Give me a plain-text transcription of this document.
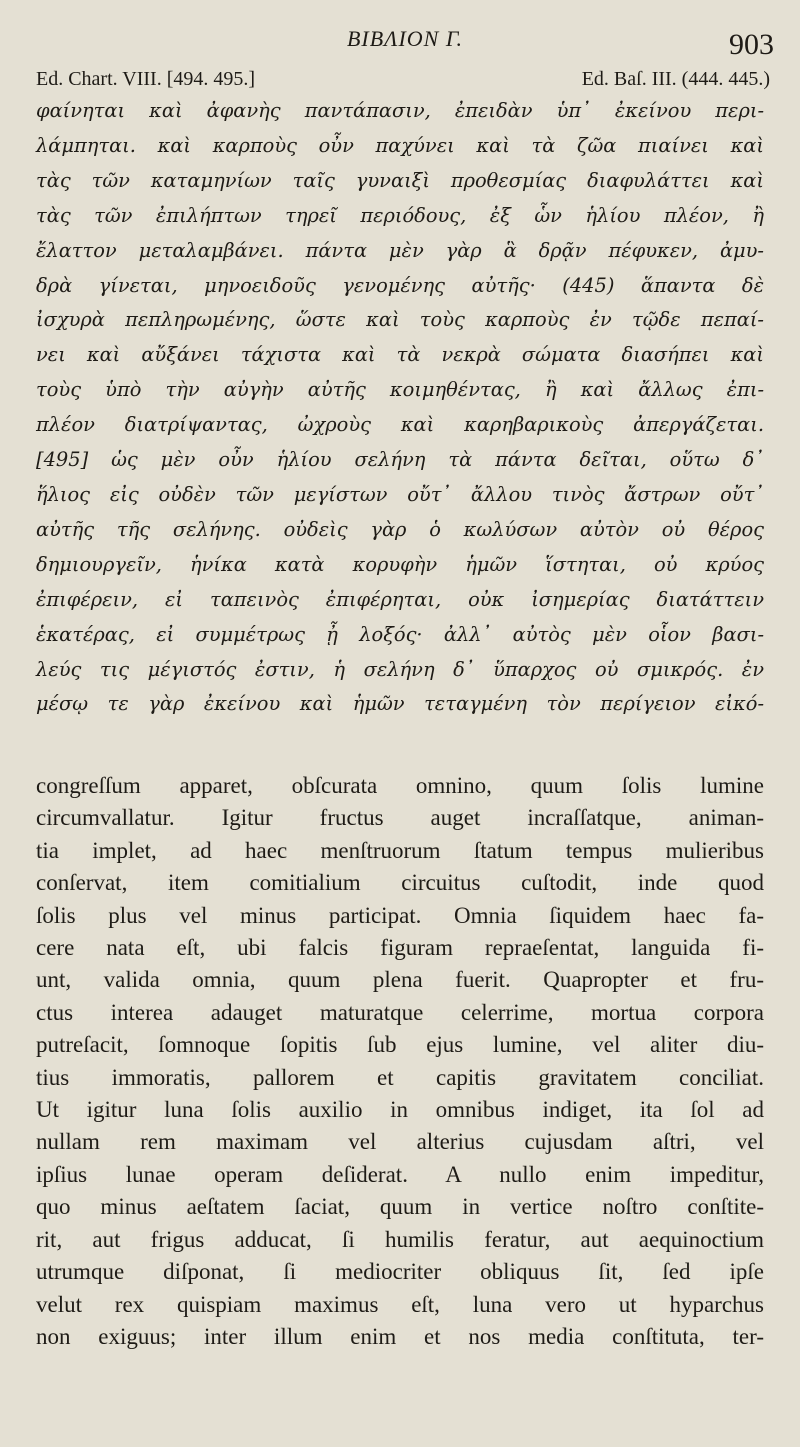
BIBΛΙΟΝ Γ.	903
Ed. Chart. VIII. [494. 495.]	Ed. Baſ. III. (444. 445.)
φαίνηται καὶ ἀφανὴς παντάπασιν, ἐπειδὰν ὑπ᾽ ἐκείνου περι-
λάμπηται. καὶ καρποὺς οὖν παχύνει καὶ τὰ ζῶα πιαίνει καὶ
τὰς τῶν καταμηνίων ταῖς γυναιξὶ προθεσμίας διαφυλάττει καὶ
τὰς τῶν ἐπιλήπτων τηρεῖ περιόδους, ἐξ ὧν ἡλίου πλέον, ἢ
ἔλαττον μεταλαμβάνει. πάντα μὲν γὰρ ἃ δρᾷν πέφυκεν, ἀμυ-
δρὰ γίνεται, μηνοειδοῦς γενομένης αὐτῆς· (445) ἅπαντα δὲ
ἰσχυρὰ πεπληρωμένης, ὥστε καὶ τοὺς καρποὺς ἐν τῷδε πεπαί-
νει καὶ αὔξάνει τάχιστα καὶ τὰ νεκρὰ σώματα διασήπει καὶ
τοὺς ὑπὸ τὴν αὐγὴν αὐτῆς κοιμηθέντας, ἢ καὶ ἄλλως ἐπι-
πλέον διατρίψαντας, ὠχροὺς καὶ καρηβαρικοὺς ἀπεργάζεται.
[495] ὡς μὲν οὖν ἡλίου σελήνη τὰ πάντα δεῖται, οὕτω δ᾽
ἥλιος εἰς οὐδὲν τῶν μεγίστων οὔτ᾽ ἄλλου τινὸς ἄστρων οὔτ᾽
αὐτῆς τῆς σελήνης. οὐδεὶς γὰρ ὁ κωλύσων αὐτὸν οὐ θέρος
δημιουργεῖν, ἡνίκα κατὰ κορυφὴν ἡμῶν ἵστηται, οὐ κρύος
ἐπιφέρειν, εἰ ταπεινὸς ἐπιφέρηται, οὐκ ἰσημερίας διατάττειν
ἑκατέρας, εἰ συμμέτρως ᾖ λοξός· ἀλλ᾽ αὐτὸς μὲν οἷον βασι-
λεύς τις μέγιστός ἐστιν, ἡ σελήνη δ᾽ ὕπαρχος οὐ σμικρός. ἐν
μέσῳ τε γὰρ ἐκείνου καὶ ἡμῶν τεταγμένη τὸν περίγειον εἰκό-
congreſſum apparet, obſcurata omnino, quum ſolis lumine
circumvallatur. Igitur fructus auget incraſſatque, animan-
tia implet, ad haec menſtruorum ſtatum tempus mulieribus
conſervat, item comitialium circuitus cuſtodit, inde quod
ſolis plus vel minus participat. Omnia ſiquidem haec fa-
cere nata eſt, ubi falcis figuram repraeſentat, languida fi-
unt, valida omnia, quum plena fuerit. Quapropter et fru-
ctus interea adauget maturatque celerrime, mortua corpora
putreſacit, ſomnoque ſopitis ſub ejus lumine, vel aliter diu-
tius immoratis, pallorem et capitis gravitatem conciliat.
Ut igitur luna ſolis auxilio in omnibus indiget, ita ſol ad
nullam rem maximam vel alterius cujusdam aſtri, vel
ipſius lunae operam deſiderat. A nullo enim impeditur,
quo minus aeſtatem ſaciat, quum in vertice noſtro conſtite-
rit, aut frigus adducat, ſi humilis feratur, aut aequinoctium
utrumque diſponat, ſi mediocriter obliquus ſit, ſed ipſe
velut rex quispiam maximus eſt, luna vero ut hyparchus
non exiguus; inter illum enim et nos media conſtituta, ter-
